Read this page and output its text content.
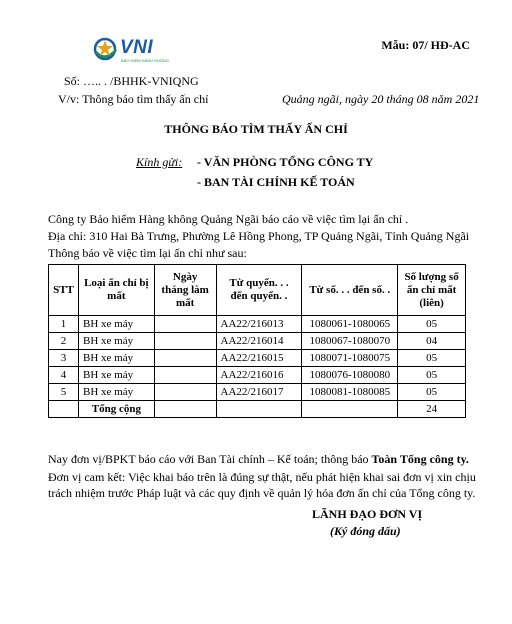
VNI
BẢO HIỂM HÀNG KHÔNG
Mẫu: 07/ HĐ-AC
Số: ….. . /BHHK-VNIQNG
V/v: Thông báo tìm thấy ấn chỉ	Quảng ngãi, ngày 20 tháng 08 năm 2021
THÔNG BÁO TÌM THẤY ẤN CHỈ
Kính gửi: - VĂN PHÒNG TỔNG CÔNG TY
- BAN TÀI CHÍNH KẾ TOÁN
Công ty Bảo hiểm Hàng không Quảng Ngãi báo cáo về việc tìm lại ấn chỉ .
Địa chỉ: 310 Hai Bà Trưng, Phường Lê Hồng Phong, TP Quảng Ngãi, Tỉnh Quảng Ngãi
Thông báo về việc tìm lại ấn chỉ như sau:
STT	Loại ấn chỉ bị mất	Ngày tháng làm mất	Từ quyển. . . đến quyển. .	Từ số. . . đến số. .	Số lượng số ấn chỉ mất (liên)
1	BH xe máy		AA22/216013	1080061-1080065	05
2	BH xe máy		AA22/216014	1080067-1080070	04
3	BH xe máy		AA22/216015	1080071-1080075	05
4	BH xe máy		AA22/216016	1080076-1080080	05
5	BH xe máy		AA22/216017	1080081-1080085	05
	Tổng cộng				24
Nay đơn vị/BPKT báo cáo với Ban Tài chính – Kế toán; thông báo Toàn Tổng công ty.
Đơn vị cam kết: Việc khai báo trên là đúng sự thật, nếu phát hiện khai sai đơn vị xin chịu
trách nhiệm trước Pháp luật và các quy định về quản lý hóa đơn ấn chỉ của Tổng công ty.
LÃNH ĐẠO ĐƠN VỊ
(Ký đóng dấu)
